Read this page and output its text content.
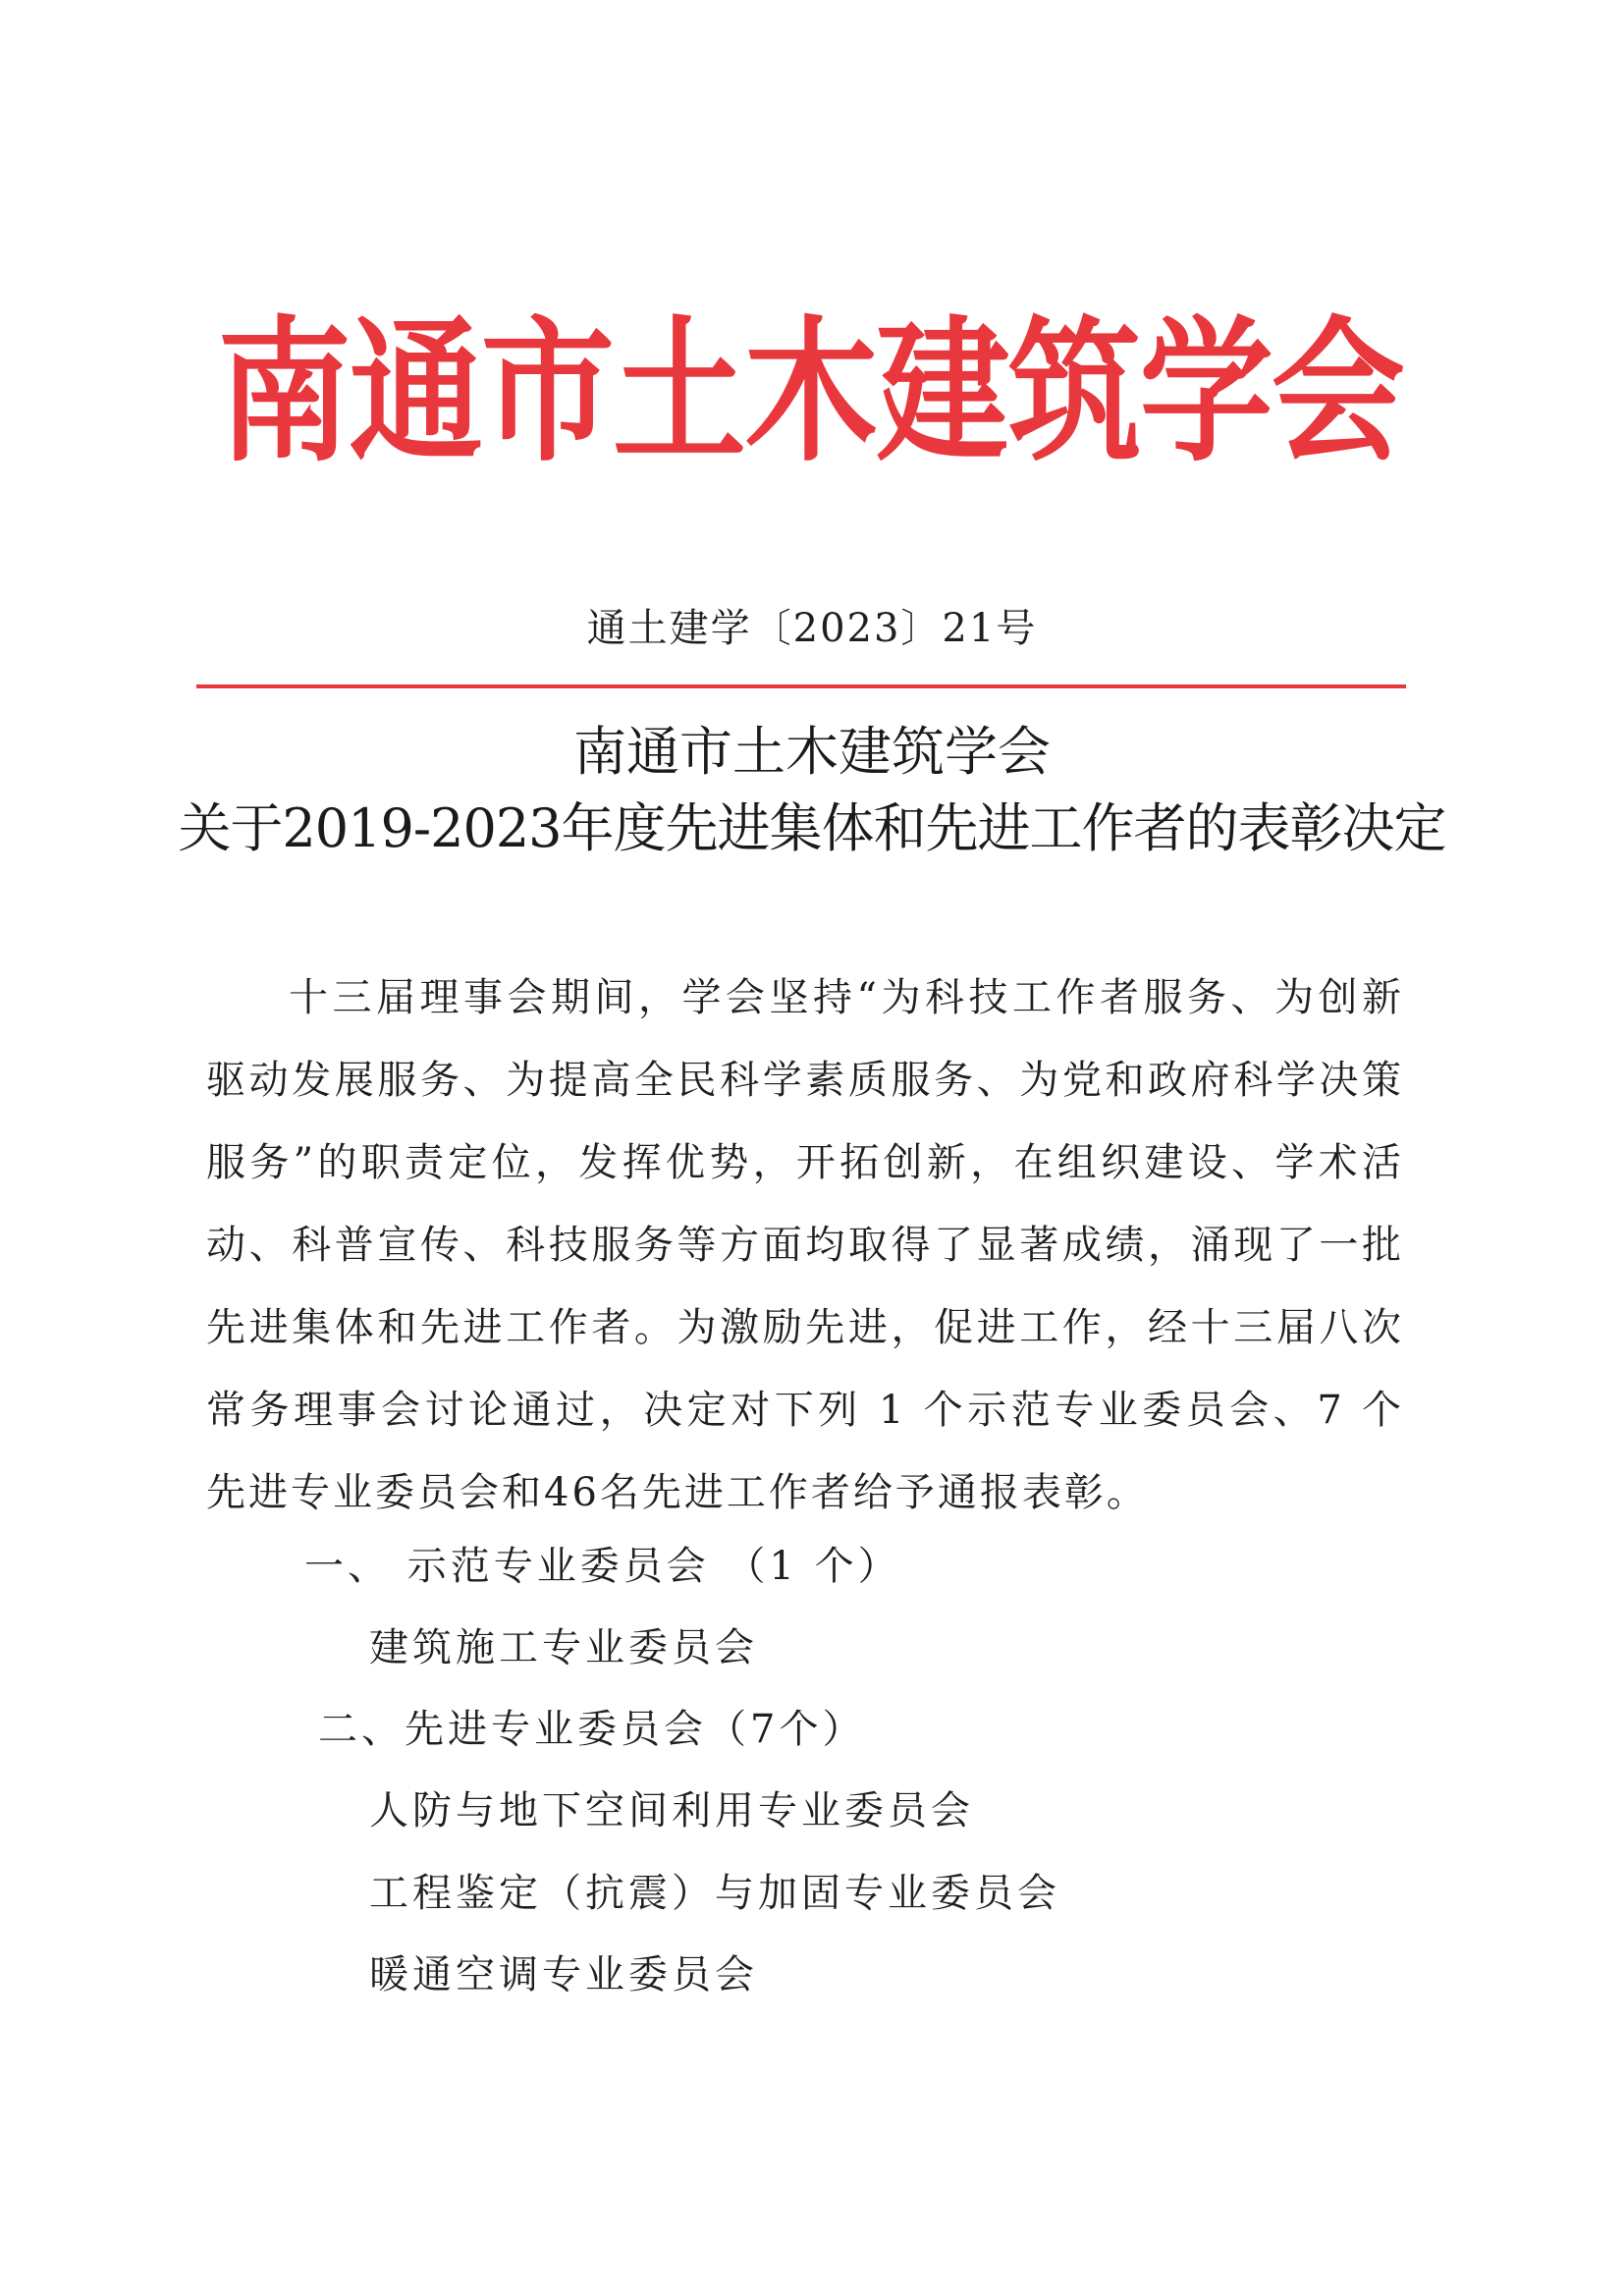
南通市土木建筑学会
通土建学〔2023〕21号
南通市土木建筑学会
关于2019-2023年度先进集体和先进工作者的表彰决定
十三届理事会期间，学会坚持“为科技工作者服务、为创新驱动发展服务、为提高全民科学素质服务、为党和政府科学决策服务”的职责定位，发挥优势，开拓创新，在组织建设、学术活动、科普宣传、科技服务等方面均取得了显著成绩，涌现了一批先进集体和先进工作者。为激励先进，促进工作，经十三届八次常务理事会讨论通过，决定对下列 1 个示范专业委员会、7 个先进专业委员会和46名先进工作者给予通报表彰。
一、 示范专业委员会 （1 个）
建筑施工专业委员会
二、先进专业委员会（7个）
人防与地下空间利用专业委员会
工程鉴定（抗震）与加固专业委员会
暖通空调专业委员会
